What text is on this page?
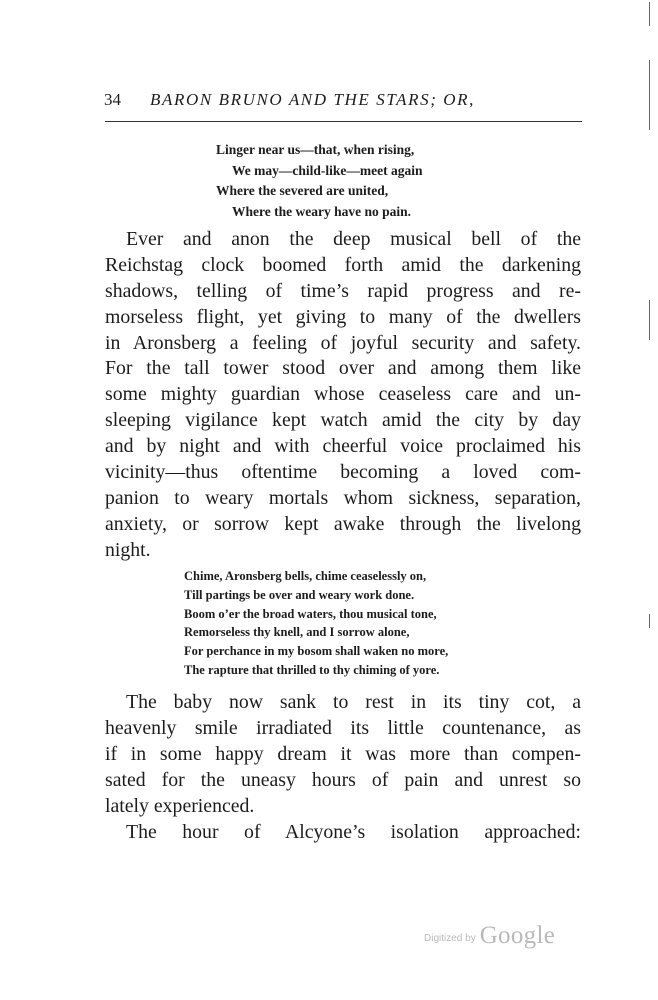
34 BARON BRUNO AND THE STARS; OR,
Linger near us—that, when rising,
We may—child-like—meet again
Where the severed are united,
Where the weary have no pain.
Ever and anon the deep musical bell of the
Reichstag clock boomed forth amid the darkening
shadows, telling of time’s rapid progress and re-
morseless flight, yet giving to many of the dwellers
in Aronsberg a feeling of joyful security and safety.
For the tall tower stood over and among them like
some mighty guardian whose ceaseless care and un-
sleeping vigilance kept watch amid the city by day
and by night and with cheerful voice proclaimed his
vicinity—thus oftentime becoming a loved com-
panion to weary mortals whom sickness, separation,
anxiety, or sorrow kept awake through the livelong
night.
Chime, Aronsberg bells, chime ceaselessly on,
Till partings be over and weary work done.
Boom o’er the broad waters, thou musical tone,
Remorseless thy knell, and I sorrow alone,
For perchance in my bosom shall waken no more,
The rapture that thrilled to thy chiming of yore.
The baby now sank to rest in its tiny cot, a
heavenly smile irradiated its little countenance, as
if in some happy dream it was more than compen-
sated for the uneasy hours of pain and unrest so
lately experienced.
The hour of Alcyone’s isolation approached:
Digitized by Google
